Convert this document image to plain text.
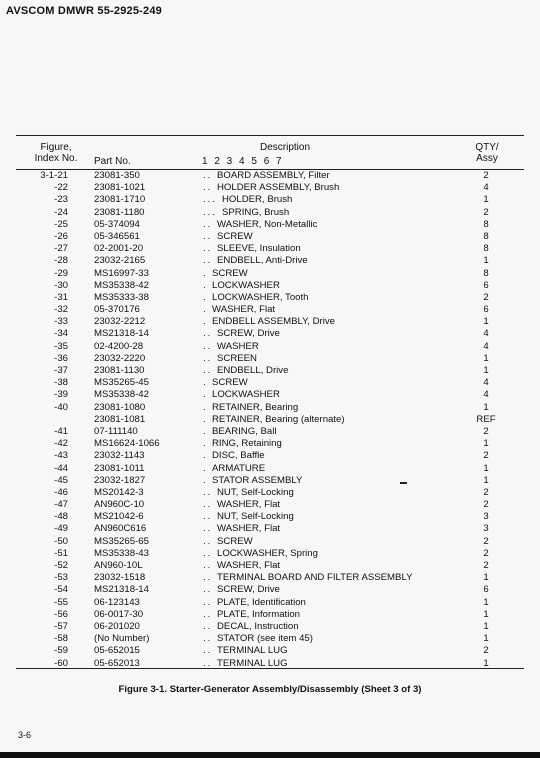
AVSCOM DMWR 55-2925-249
Figure,
Index No.	Part No.
Description
1 2 3 4 5 6 7
QTY/
Assy
3-1-21	23081-350	.. BOARD ASSEMBLY, Filter	2
-22	23081-1021	.. HOLDER ASSEMBLY, Brush	4
-23	23081-1710	... HOLDER, Brush	1
-24	23081-1180	... SPRING, Brush	2
-25	05-374094	.. WASHER, Non-Metallic	8
-26	05-346561	.. SCREW	8
-27	02-2001-20	.. SLEEVE, Insulation	8
-28	23032-2165	.. ENDBELL, Anti-Drive	1
-29	MS16997-33	. SCREW	8
-30	MS35338-42	. LOCKWASHER	6
-31	MS35333-38	. LOCKWASHER, Tooth	2
-32	05-370176	. WASHER, Flat	6
-33	23032-2212	. ENDBELL ASSEMBLY, Drive	1
-34	MS21318-14	.. SCREW, Drive	4
-35	02-4200-28	.. WASHER	4
-36	23032-2220	.. SCREEN	1
-37	23081-1130	.. ENDBELL, Drive	1
-38	MS35265-45	. SCREW	4
-39	MS35338-42	. LOCKWASHER	4
-40	23081-1080	. RETAINER, Bearing	1
23081-1081	. RETAINER, Bearing (alternate)	REF
-41	07-111140	. BEARING, Ball	2
-42	MS16624-1066	. RING, Retaining	1
-43	23032-1143	. DISC, Baffle	2
-44	23081-1011	. ARMATURE	1
-45	23032-1827	. STATOR ASSEMBLY	1
-46	MS20142-3	.. NUT, Self-Locking	2
-47	AN960C-10	.. WASHER, Flat	2
-48	MS21042-6	.. NUT, Self-Locking	3
-49	AN960C616	.. WASHER, Flat	3
-50	MS35265-65	.. SCREW	2
-51	MS35338-43	.. LOCKWASHER, Spring	2
-52	AN960-10L	.. WASHER, Flat	2
-53	23032-1518	.. TERMINAL BOARD AND FILTER ASSEMBLY	1
-54	MS21318-14	.. SCREW, Drive	6
-55	06-123143	.. PLATE, Identification	1
-56	06-0017-30	.. PLATE, Information	1
-57	06-201020	.. DECAL, Instruction	1
-58	(No Number)	.. STATOR (see item 45)	1
-59	05-652015	.. TERMINAL LUG	2
-60	05-652013	.. TERMINAL LUG	1
Figure 3-1. Starter-Generator Assembly/Disassembly (Sheet 3 of 3)
3-6
